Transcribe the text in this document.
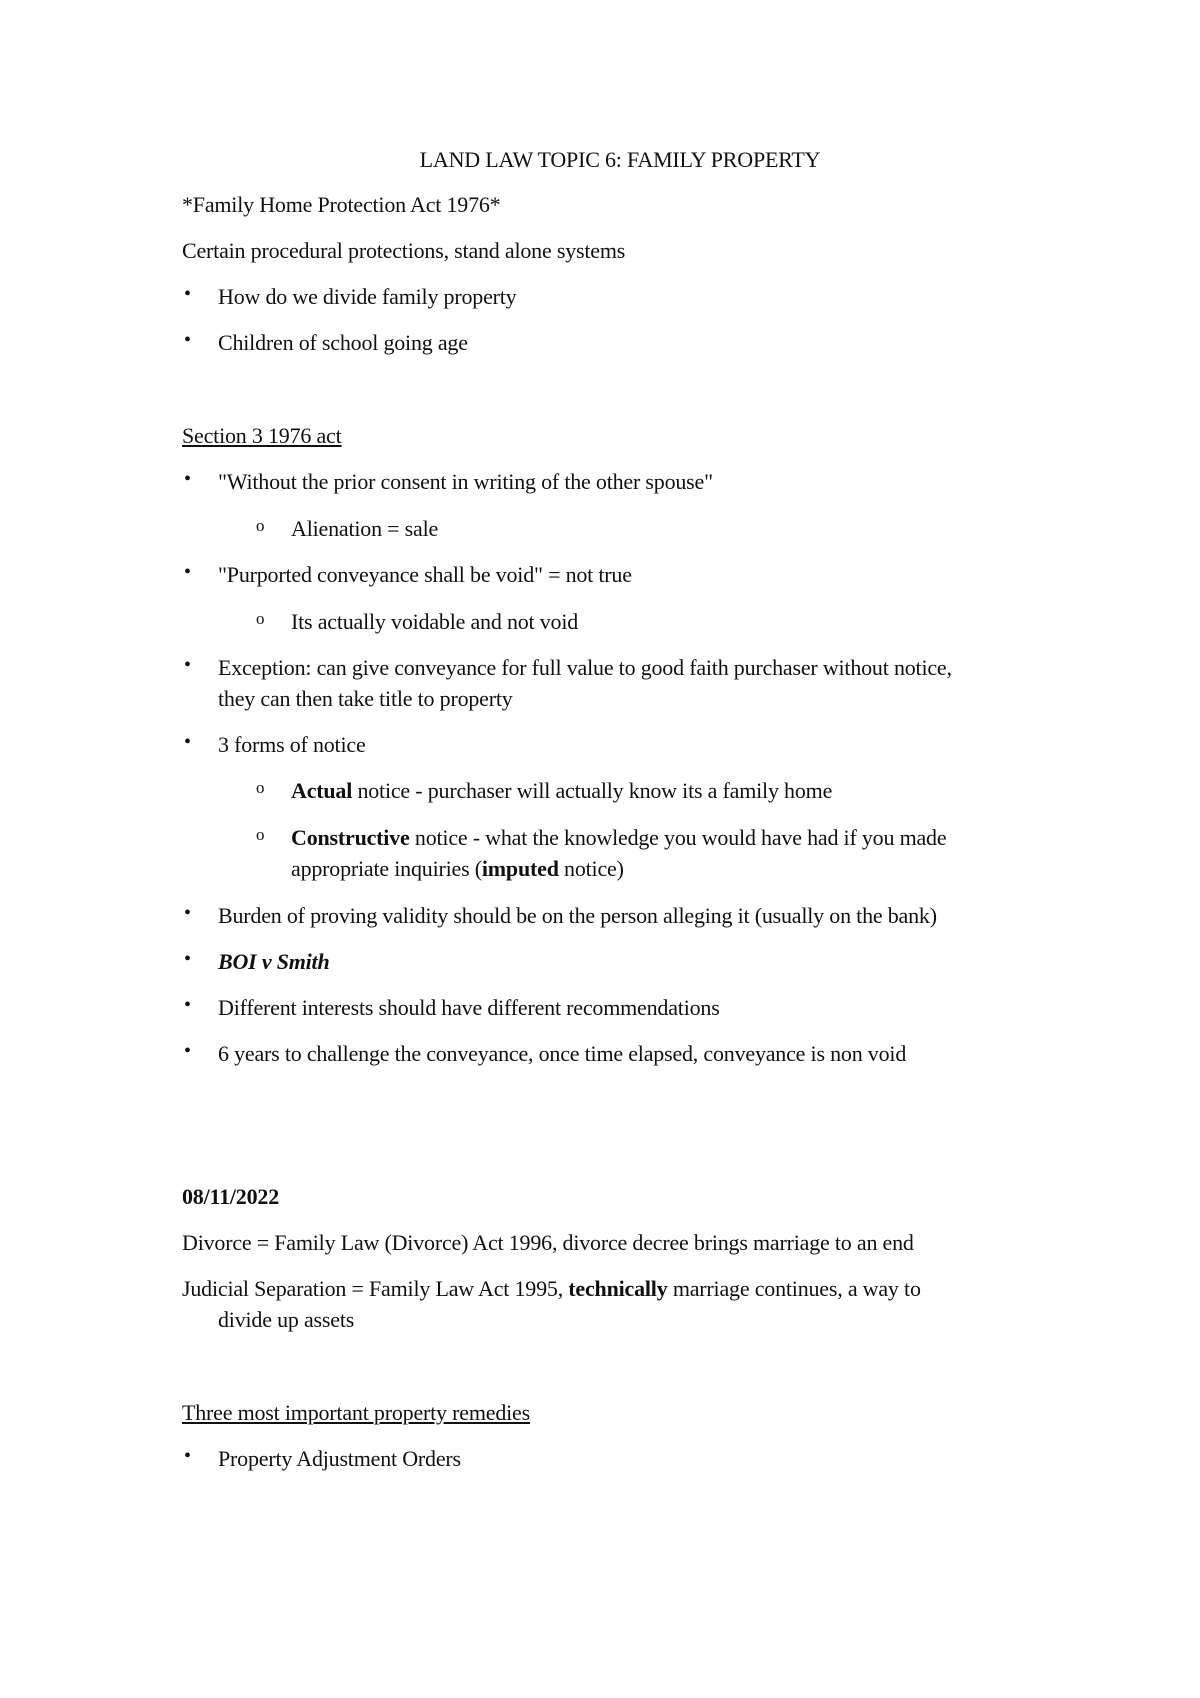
LAND LAW TOPIC 6: FAMILY PROPERTY
*Family Home Protection Act 1976*
Certain procedural protections, stand alone systems
• How do we divide family property
• Children of school going age
Section 3 1976 act
• "Without the prior consent in writing of the other spouse"
o Alienation = sale
• "Purported conveyance shall be void" = not true
o Its actually voidable and not void
• Exception: can give conveyance for full value to good faith purchaser without notice,
they can then take title to property
• 3 forms of notice
o Actual notice - purchaser will actually know its a family home
o Constructive notice - what the knowledge you would have had if you made
appropriate inquiries (imputed notice)
• Burden of proving validity should be on the person alleging it (usually on the bank)
• BOI v Smith
• Different interests should have different recommendations
• 6 years to challenge the conveyance, once time elapsed, conveyance is non void
08/11/2022
Divorce = Family Law (Divorce) Act 1996, divorce decree brings marriage to an end
Judicial Separation = Family Law Act 1995, technically marriage continues, a way to
divide up assets
Three most important property remedies
• Property Adjustment Orders
